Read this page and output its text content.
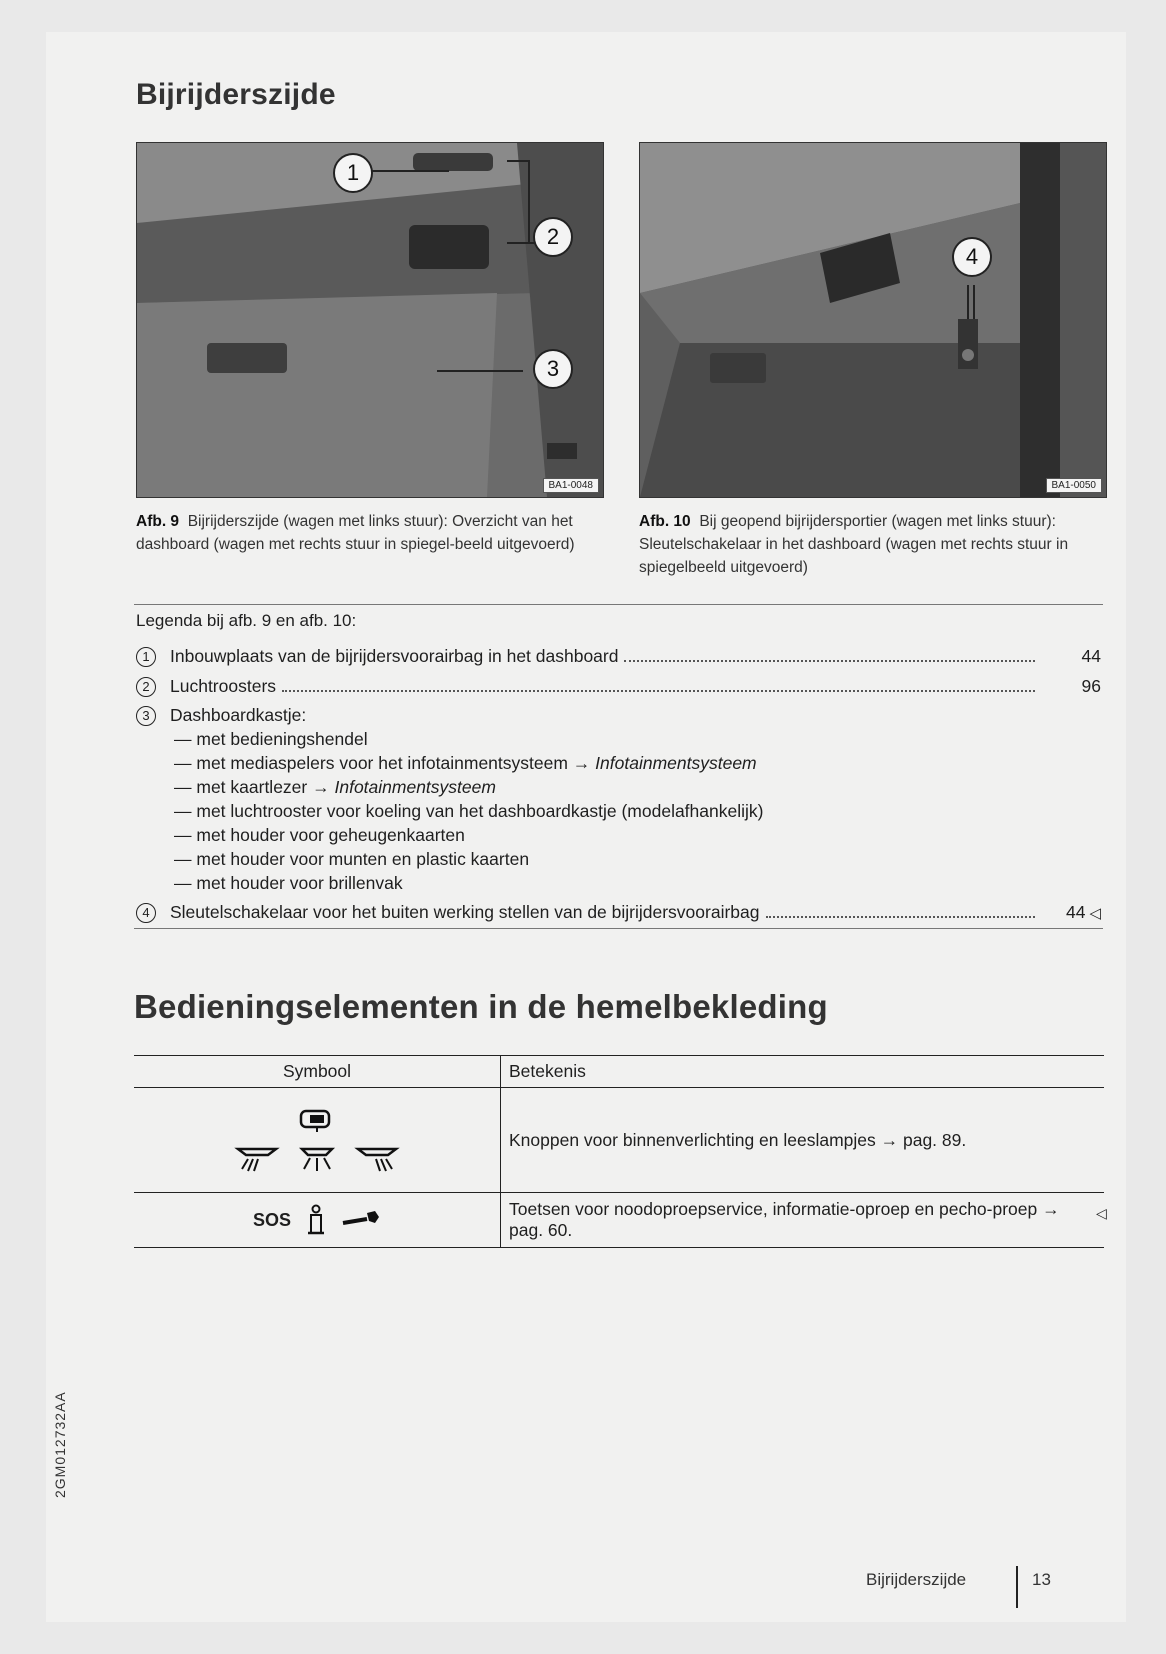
Bijrijderszijde
1
2
3
BA1-0048
4
BA1-0050
Afb. 9 Bijrijderszijde (wagen met links stuur): Overzicht van het dashboard (wagen met rechts stuur in spiegel-beeld uitgevoerd)
Afb. 10 Bij geopend bijrijdersportier (wagen met links stuur): Sleutelschakelaar in het dashboard (wagen met rechts stuur in spiegelbeeld uitgevoerd)
Legenda bij afb. 9 en afb. 10:
1	Inbouwplaats van de bijrijdersvoorairbag in het dashboard	44
2	Luchtroosters	96
3	Dashboardkastje:
— met bedieningshendel
— met mediaspelers voor het infotainmentsysteem → Infotainmentsysteem
— met kaartlezer → Infotainmentsysteem
— met luchtrooster voor koeling van het dashboardkastje (modelafhankelijk)
— met houder voor geheugenkaarten
— met houder voor munten en plastic kaarten
— met houder voor brillenvak
4	Sleutelschakelaar voor het buiten werking stellen van de bijrijdersvoorairbag	44 ◁
Bedieningselementen in de hemelbekleding
Symbool	Betekenis

	Knoppen voor binnenverlichting en leeslampjes → pag. 89.

SOS	Toetsen voor noodoproepservice, informatie-oproep en pecho-proep → pag. 60.
◁
2GM012732AA
Bijrijderszijde	13
